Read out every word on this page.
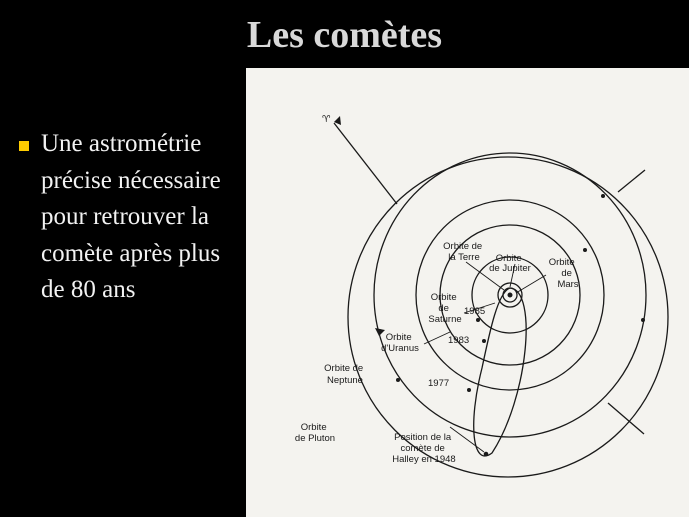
Les comètes
Une astrométrie précise nécessaire pour retrouver la comète après plus de 80 ans
♈
Orbite de la Terre	Orbite de Jupiter
Orbite de Mars
Orbite de Saturne
Orbite d'Uranus
Orbite de Neptune
Orbite de Pluton
1985
1983
1977
Position de la comète de Halley en 1948
